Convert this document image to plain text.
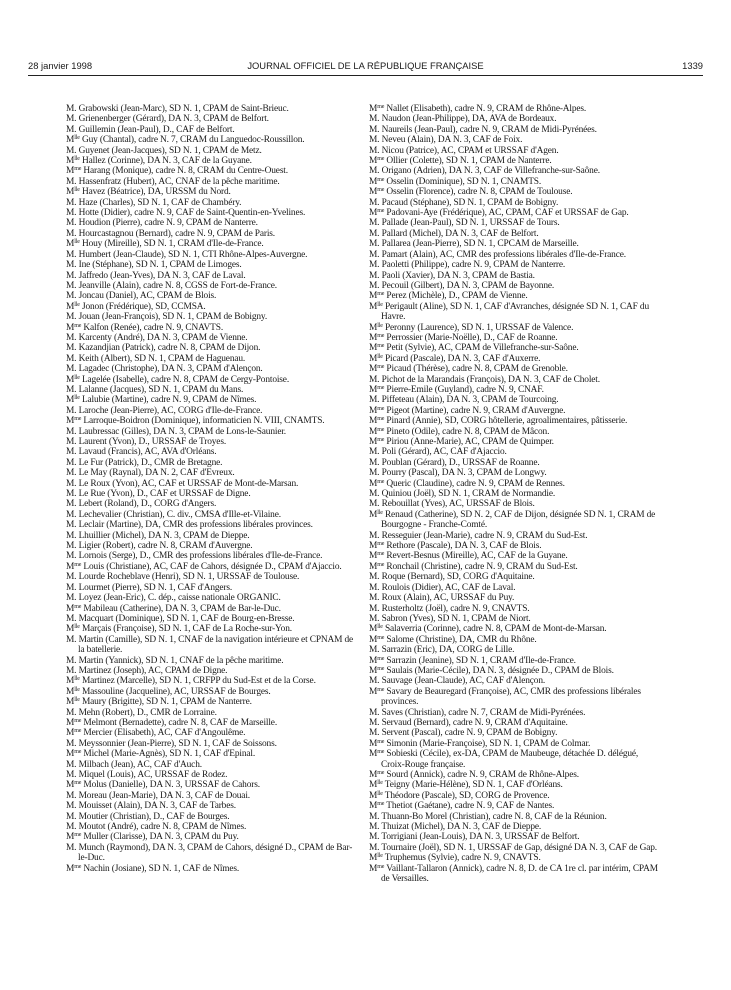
28 janvier 1998	JOURNAL OFFICIEL DE LA RÉPUBLIQUE FRANÇAISE	1339

M. Grabowski (Jean-Marc), SD N. 1, CPAM de Saint-Brieuc.

M. Grienenberger (Gérard), DA N. 3, CPAM de Belfort.

M. Guillemin (Jean-Paul), D., CAF de Belfort.

$M^{lle}$ Guy (Chantal), cadre N. 7, CRAM du Languedoc-Roussillon.

M. Guyenet (Jean-Jacques), SD N. 1, CPAM de Metz.

$M^{lle}$ Hallez (Corinne), DA N. 3, CAF de la Guyane.

$M^{me}$ Harang (Monique), cadre N. 8, CRAM du Centre-Ouest.

M. Hassenfratz (Hubert), AC, CNAF de la pêche maritime.

$M^{lle}$ Havez (Béatrice), DA, URSSM du Nord.

M. Haze (Charles), SD N. 1, CAF de Chambéry.

M. Hotte (Didier), cadre N. 9, CAF de Saint-Quentin-en-Yvelines.

M. Houdion (Pierre), cadre N. 9, CPAM de Nanterre.

M. Hourcastagnou (Bernard), cadre N. 9, CPAM de Paris.

$M^{lle}$ Houy (Mireille), SD N. 1, CRAM d'Ile-de-France.

M. Humbert (Jean-Claude), SD N. 1, CTI Rhône-Alpes-Auvergne.

M. Ine (Stéphane), SD N. 1, CPAM de Limoges.

M. Jaffredo (Jean-Yves), DA N. 3, CAF de Laval.

M. Jeanville (Alain), cadre N. 8, CGSS de Fort-de-France.

M. Joncau (Daniel), AC, CPAM de Blois.

$M^{lle}$ Jonon (Frédérique), SD, CCMSA.

M. Jouan (Jean-François), SD N. 1, CPAM de Bobigny.

$M^{me}$ Kalfon (Renée), cadre N. 9, CNAVTS.

M. Karcenty (André), DA N. 3, CPAM de Vienne.

M. Kazandjian (Patrick), cadre N. 8, CPAM de Dijon.

M. Keith (Albert), SD N. 1, CPAM de Haguenau.

M. Lagadec (Christophe), DA N. 3, CPAM d'Alençon.

$M^{lle}$ Lagelée (Isabelle), cadre N. 8, CPAM de Cergy-Pontoise.

M. Lalanne (Jacques), SD N. 1, CPAM du Mans.

$M^{lle}$ Lalubie (Martine), cadre N. 9, CPAM de Nîmes.

M. Laroche (Jean-Pierre), AC, CORG d'Ile-de-France.

$M^{me}$ Larroque-Boidron (Dominique), informaticien N. VIII, CNAMTS.

M. Laubressac (Gilles), DA N. 3, CPAM de Lons-le-Saunier.

M. Laurent (Yvon), D., URSSAF de Troyes.

M. Lavaud (Francis), AC, AVA d'Orléans.

M. Le Fur (Patrick), D., CMR de Bretagne.

M. Le May (Raynal), DA N. 2, CAF d'Evreux.

M. Le Roux (Yvon), AC, CAF et URSSAF de Mont-de-Marsan.

M. Le Rue (Yvon), D., CAF et URSSAF de Digne.

M. Lebert (Roland), D., CORG d'Angers.

M. Lechevalier (Christian), C. div., CMSA d'Ille-et-Vilaine.

M. Leclair (Martine), DA, CMR des professions libérales provinces.

M. Lhuillier (Michel), DA N. 3, CPAM de Dieppe.

M. Ligier (Robert), cadre N. 8, CRAM d'Auvergne.

M. Lornois (Serge), D., CMR des professions libérales d'Ile-de-France.

$M^{me}$ Louis (Christiane), AC, CAF de Cahors, désignée D., CPAM d'Ajaccio.

M. Lourde Rocheblave (Henri), SD N. 1, URSSAF de Toulouse.

M. Lourmet (Pierre), SD N. 1, CAF d'Angers.

M. Loyez (Jean-Eric), C. dép., caisse nationale ORGANIC.

$M^{me}$ Mabileau (Catherine), DA N. 3, CPAM de Bar-le-Duc.

M. Macquart (Dominique), SD N. 1, CAF de Bourg-en-Bresse.

$M^{lle}$ Marçais (Françoise), SD N. 1, CAF de La Roche-sur-Yon.

M. Martin (Camille), SD N. 1, CNAF de la navigation intérieure et CPNAM de la batellerie.

M. Martin (Yannick), SD N. 1, CNAF de la pêche maritime.

M. Martinez (Joseph), AC, CPAM de Digne.

$M^{lle}$ Martinez (Marcelle), SD N. 1, CRFPP du Sud-Est et de la Corse.

$M^{lle}$ Massouline (Jacqueline), AC, URSSAF de Bourges.

$M^{lle}$ Maury (Brigitte), SD N. 1, CPAM de Nanterre.

M. Mehn (Robert), D., CMR de Lorraine.

$M^{me}$ Melmont (Bernadette), cadre N. 8, CAF de Marseille.

$M^{me}$ Mercier (Elisabeth), AC, CAF d'Angoulême.

M. Meyssonnier (Jean-Pierre), SD N. 1, CAF de Soissons.

$M^{me}$ Michel (Marie-Agnès), SD N. 1, CAF d'Epinal.

M. Milbach (Jean), AC, CAF d'Auch.

M. Miquel (Louis), AC, URSSAF de Rodez.

$M^{me}$ Molus (Danielle), DA N. 3, URSSAF de Cahors.

M. Moreau (Jean-Marie), DA N. 3, CAF de Douai.

M. Mouisset (Alain), DA N. 3, CAF de Tarbes.

M. Moutier (Christian), D., CAF de Bourges.

M. Moutot (André), cadre N. 8, CPAM de Nîmes.

$M^{me}$ Muller (Clarisse), DA N. 3, CPAM du Puy.

M. Munch (Raymond), DA N. 3, CPAM de Cahors, désigné D., CPAM de Bar-le-Duc.

$M^{me}$ Nachin (Josiane), SD N. 1, CAF de Nîmes.

$M^{me}$ Nallet (Elisabeth), cadre N. 9, CRAM de Rhône-Alpes.

M. Naudon (Jean-Philippe), DA, AVA de Bordeaux.

M. Naureils (Jean-Paul), cadre N. 9, CRAM de Midi-Pyrénées.

M. Neveu (Alain), DA N. 3, CAF de Foix.

M. Nicou (Patrice), AC, CPAM et URSSAF d'Agen.

$M^{me}$ Ollier (Colette), SD N. 1, CPAM de Nanterre.

M. Origano (Adrien), DA N. 3, CAF de Villefranche-sur-Saône.

$M^{me}$ Osselin (Dominique), SD N. 1, CNAMTS.

$M^{me}$ Osselin (Florence), cadre N. 8, CPAM de Toulouse.

M. Pacaud (Stéphane), SD N. 1, CPAM de Bobigny.

$M^{me}$ Padovani-Aye (Frédérique), AC, CPAM, CAF et URSSAF de Gap.

M. Pallade (Jean-Paul), SD N. 1, URSSAF de Tours.

M. Pallard (Michel), DA N. 3, CAF de Belfort.

M. Pallarea (Jean-Pierre), SD N. 1, CPCAM de Marseille.

M. Pamart (Alain), AC, CMR des professions libérales d'Ile-de-France.

M. Paoletti (Philippe), cadre N. 9, CPAM de Nanterre.

M. Paoli (Xavier), DA N. 3, CPAM de Bastia.

M. Pecouil (Gilbert), DA N. 3, CPAM de Bayonne.

$M^{me}$ Perez (Michèle), D., CPAM de Vienne.

$M^{lle}$ Perigault (Aline), SD N. 1, CAF d'Avranches, désignée SD N. 1, CAF du Havre.

$M^{lle}$ Peronny (Laurence), SD N. 1, URSSAF de Valence.

$M^{me}$ Perrossier (Marie-Noëlle), D., CAF de Roanne.

$M^{me}$ Petit (Sylvie), AC, CPAM de Villefranche-sur-Saône.

$M^{lle}$ Picard (Pascale), DA N. 3, CAF d'Auxerre.

$M^{me}$ Picaud (Thérèse), cadre N. 8, CPAM de Grenoble.

M. Pichot de la Marandais (François), DA N. 3, CAF de Cholet.

$M^{me}$ Pierre-Emile (Guyland), cadre N. 9, CNAF.

M. Piffeteau (Alain), DA N. 3, CPAM de Tourcoing.

$M^{me}$ Pigeot (Martine), cadre N. 9, CRAM d'Auvergne.

$M^{me}$ Pinard (Annie), SD, CORG hôtellerie, agroalimentaires, pâtisserie.

$M^{me}$ Pineto (Odile), cadre N. 8, CPAM de Mâcon.

$M^{me}$ Piriou (Anne-Marie), AC, CPAM de Quimper.

M. Poli (Gérard), AC, CAF d'Ajaccio.

M. Poublan (Gérard), D., URSSAF de Roanne.

M. Pourry (Pascal), DA N. 3, CPAM de Longwy.

$M^{me}$ Queric (Claudine), cadre N. 9, CPAM de Rennes.

M. Quiniou (Joël), SD N. 1, CRAM de Normandie.

M. Rebouillat (Yves), AC, URSSAF de Blois.

$M^{lle}$ Renaud (Catherine), SD N. 2, CAF de Dijon, désignée SD N. 1, CRAM de Bourgogne - Franche-Comté.

M. Resseguier (Jean-Marie), cadre N. 9, CRAM du Sud-Est.

$M^{me}$ Rethore (Pascale), DA N. 3, CAF de Blois.

$M^{me}$ Revert-Besnus (Mireille), AC, CAF de la Guyane.

$M^{me}$ Ronchail (Christine), cadre N. 9, CRAM du Sud-Est.

M. Roque (Bernard), SD, CORG d'Aquitaine.

M. Roulois (Didier), AC, CAF de Laval.

M. Roux (Alain), AC, URSSAF du Puy.

M. Rusterholtz (Joël), cadre N. 9, CNAVTS.

M. Sabron (Yves), SD N. 1, CPAM de Niort.

$M^{lle}$ Salaverria (Corinne), cadre N. 8, CPAM de Mont-de-Marsan.

$M^{me}$ Salome (Christine), DA, CMR du Rhône.

M. Sarrazin (Eric), DA, CORG de Lille.

$M^{me}$ Sarrazin (Jeanine), SD N. 1, CRAM d'Ile-de-France.

$M^{me}$ Saulais (Marie-Cécile), DA N. 3, désignée D., CPAM de Blois.

M. Sauvage (Jean-Claude), AC, CAF d'Alençon.

$M^{me}$ Savary de Beauregard (Françoise), AC, CMR des professions libérales provinces.

M. Saves (Christian), cadre N. 7, CRAM de Midi-Pyrénées.

M. Servaud (Bernard), cadre N. 9, CRAM d'Aquitaine.

M. Servent (Pascal), cadre N. 9, CPAM de Bobigny.

$M^{me}$ Simonin (Marie-Françoise), SD N. 1, CPAM de Colmar.

$M^{me}$ Sobieski (Cécile), ex-DA, CPAM de Maubeuge, détachée D. délégué, Croix-Rouge française.

$M^{me}$ Sourd (Annick), cadre N. 9, CRAM de Rhône-Alpes.

$M^{lle}$ Teigny (Marie-Hélène), SD N. 1, CAF d'Orléans.

$M^{lle}$ Théodore (Pascale), SD, CORG de Provence.

$M^{me}$ Thetiot (Gaétane), cadre N. 9, CAF de Nantes.

M. Thuann-Bo Morel (Christian), cadre N. 8, CAF de la Réunion.

M. Thuizat (Michel), DA N. 3, CAF de Dieppe.

M. Torrigiani (Jean-Louis), DA N. 3, URSSAF de Belfort.

M. Tournaire (Joël), SD N. 1, URSSAF de Gap, désigné DA N. 3, CAF de Gap.

$M^{lle}$ Truphemus (Sylvie), cadre N. 9, CNAVTS.

$M^{me}$ Vaillant-Tallaron (Annick), cadre N. 8, D. de CA 1re cl. par intérim, CPAM de Versailles.
